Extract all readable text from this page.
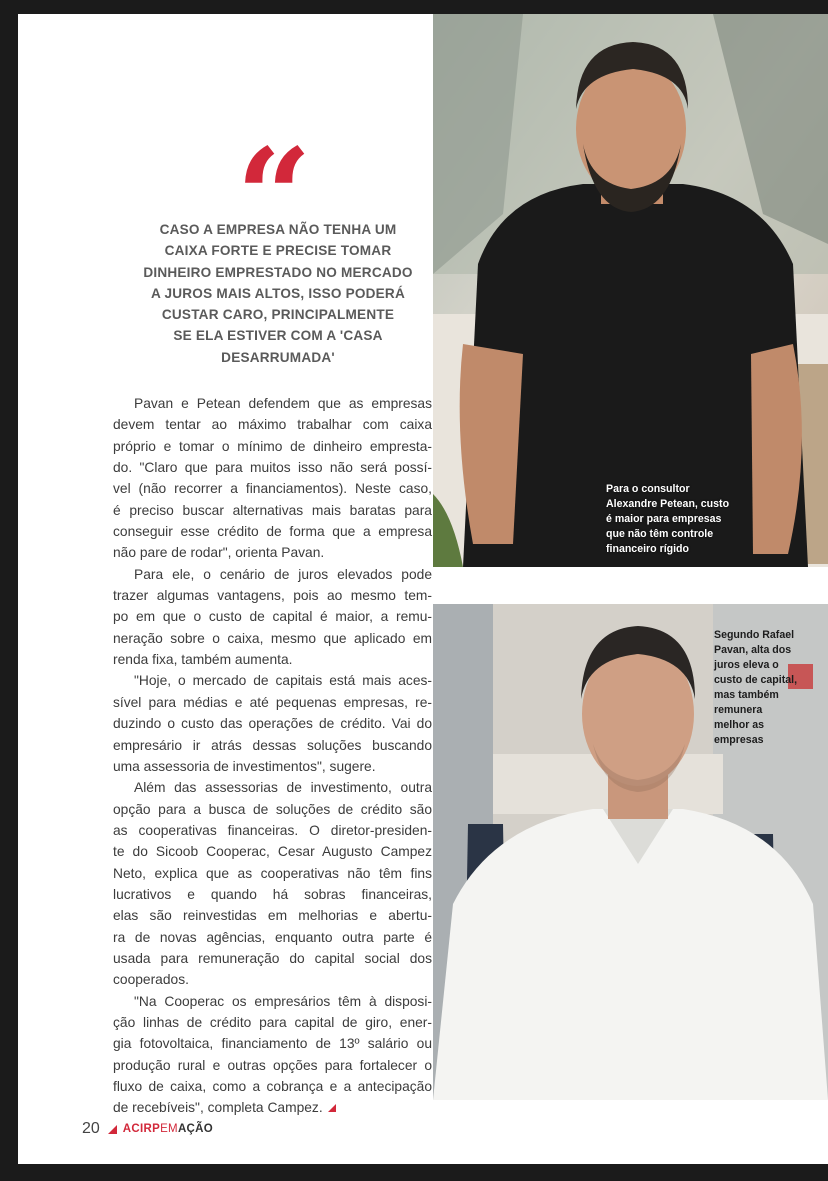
“
CASO A EMPRESA NÃO TENHA UM
CAIXA FORTE E PRECISE TOMAR
DINHEIRO EMPRESTADO NO MERCADO
A JUROS MAIS ALTOS, ISSO PODERÁ
CUSTAR CARO, PRINCIPALMENTE
SE ELA ESTIVER COM A 'CASA
DESARRUMADA'
Pavan e Petean defendem que as empresas
devem tentar ao máximo trabalhar com caixa
próprio e tomar o mínimo de dinheiro empresta-
do. "Claro que para muitos isso não será possí-
vel (não recorrer a financiamentos). Neste caso,
é preciso buscar alternativas mais baratas para
conseguir esse crédito de forma que a empresa
não pare de rodar", orienta Pavan.
Para ele, o cenário de juros elevados pode
trazer algumas vantagens, pois ao mesmo tem-
po em que o custo de capital é maior, a remu-
neração sobre o caixa, mesmo que aplicado em
renda fixa, também aumenta.
"Hoje, o mercado de capitais está mais aces-
sível para médias e até pequenas empresas, re-
duzindo o custo das operações de crédito. Vai do
empresário ir atrás dessas soluções buscando
uma assessoria de investimentos", sugere.
Além das assessorias de investimento, outra
opção para a busca de soluções de crédito são
as cooperativas financeiras. O diretor-presiden-
te do Sicoob Cooperac, Cesar Augusto Campez
Neto, explica que as cooperativas não têm fins
lucrativos e quando há sobras financeiras,
elas são reinvestidas em melhorias e abertu-
ra de novas agências, enquanto outra parte é
usada para remuneração do capital social dos
cooperados.
"Na Cooperac os empresários têm à disposi-
ção linhas de crédito para capital de giro, ener-
gia fotovoltaica, financiamento de 13º salário ou
produção rural e outras opções para fortalecer o
fluxo de caixa, como a cobrança e a antecipação
de recebíveis", completa Campez.
Para o consultor
Alexandre Petean, custo
é maior para empresas
que não têm controle
financeiro rígido
Segundo Rafael
Pavan, alta dos
juros eleva o
custo de capital,
mas também
remunera
melhor as
empresas
20 ACIRPEMAÇÃO
